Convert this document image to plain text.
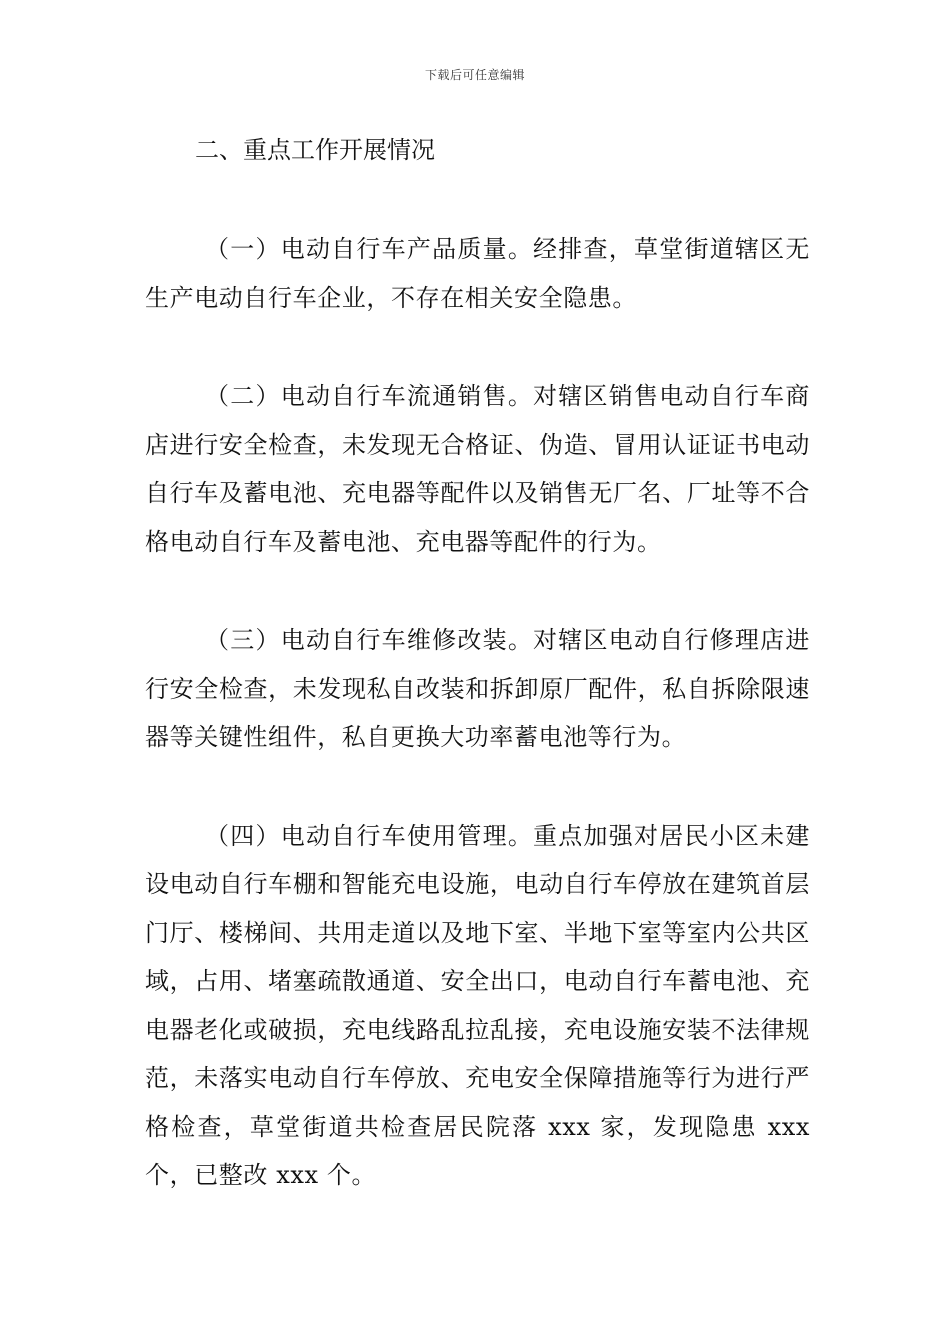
下载后可任意编辑
二、重点工作开展情况

（一）电动自行车产品质量。经排查，草堂街道辖区无生产电动自行车企业，不存在相关安全隐患。

（二）电动自行车流通销售。对辖区销售电动自行车商店进行安全检查，未发现无合格证、伪造、冒用认证证书电动自行车及蓄电池、充电器等配件以及销售无厂名、厂址等不合格电动自行车及蓄电池、充电器等配件的行为。

（三）电动自行车维修改装。对辖区电动自行修理店进行安全检查，未发现私自改装和拆卸原厂配件，私自拆除限速器等关键性组件，私自更换大功率蓄电池等行为。

（四）电动自行车使用管理。重点加强对居民小区未建设电动自行车棚和智能充电设施，电动自行车停放在建筑首层门厅、楼梯间、共用走道以及地下室、半地下室等室内公共区域，占用、堵塞疏散通道、安全出口，电动自行车蓄电池、充电器老化或破损，充电线路乱拉乱接，充电设施安装不法律规范，未落实电动自行车停放、充电安全保障措施等行为进行严格检查，草堂街道共检查居民院落 xxx 家，发现隐患 xxx 个，已整改 xxx 个。
